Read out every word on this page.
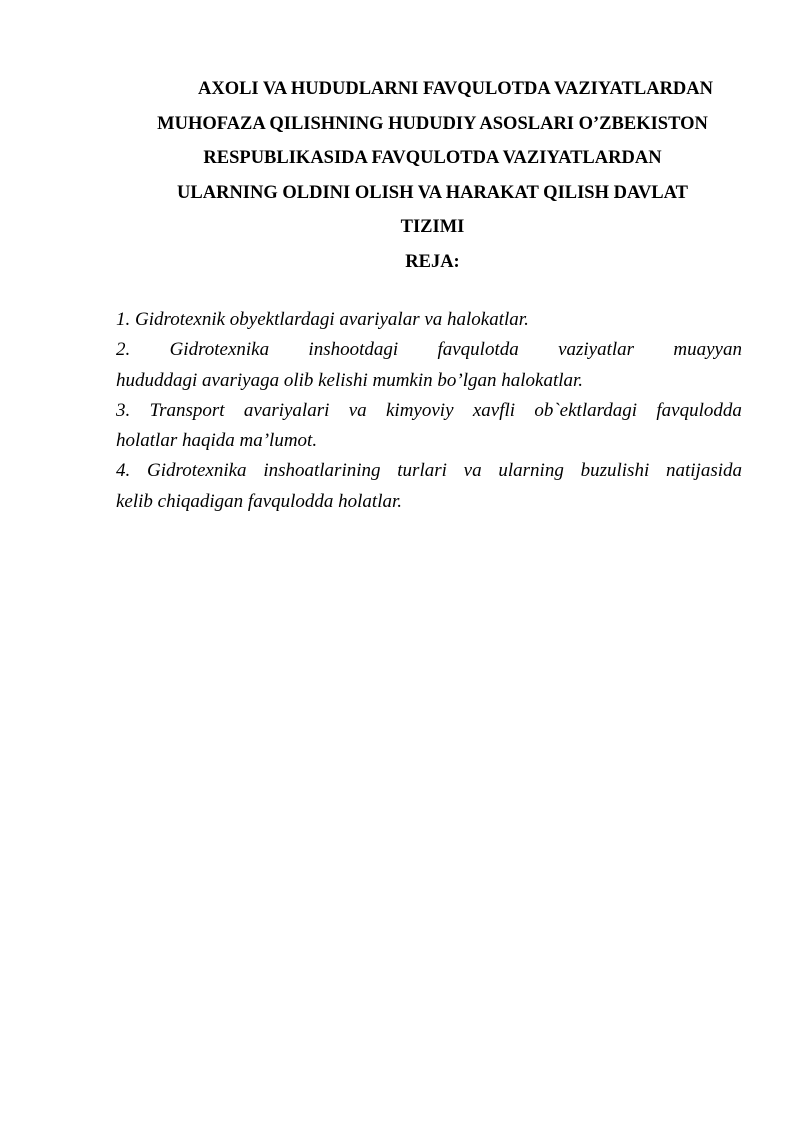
AXOLI VA HUDUDLARNI FAVQULOTDA VAZIYATLARDAN
MUHOFAZA QILISHNING HUDUDIY ASOSLARI O’ZBEKISTON
RESPUBLIKASIDA FAVQULOTDA VAZIYATLARDAN
ULARNING OLDINI OLISH VA HARAKAT QILISH DAVLAT
TIZIMI
REJA:
1. Gidrotexnik obyektlardagi avariyalar va halokatlar.
2. Gidrotexnika inshootdagi favqulotda vaziyatlar muayyan
hududdagi avariyaga olib kelishi mumkin bo’lgan halokatlar.
3. Transport avariyalari va kimyoviy xavfli ob`ektlardagi favqulodda
holatlar haqida ma’lumot.
4. Gidrotexnika inshoatlarining turlari va ularning buzulishi natijasida
kelib chiqadigan favqulodda holatlar.
